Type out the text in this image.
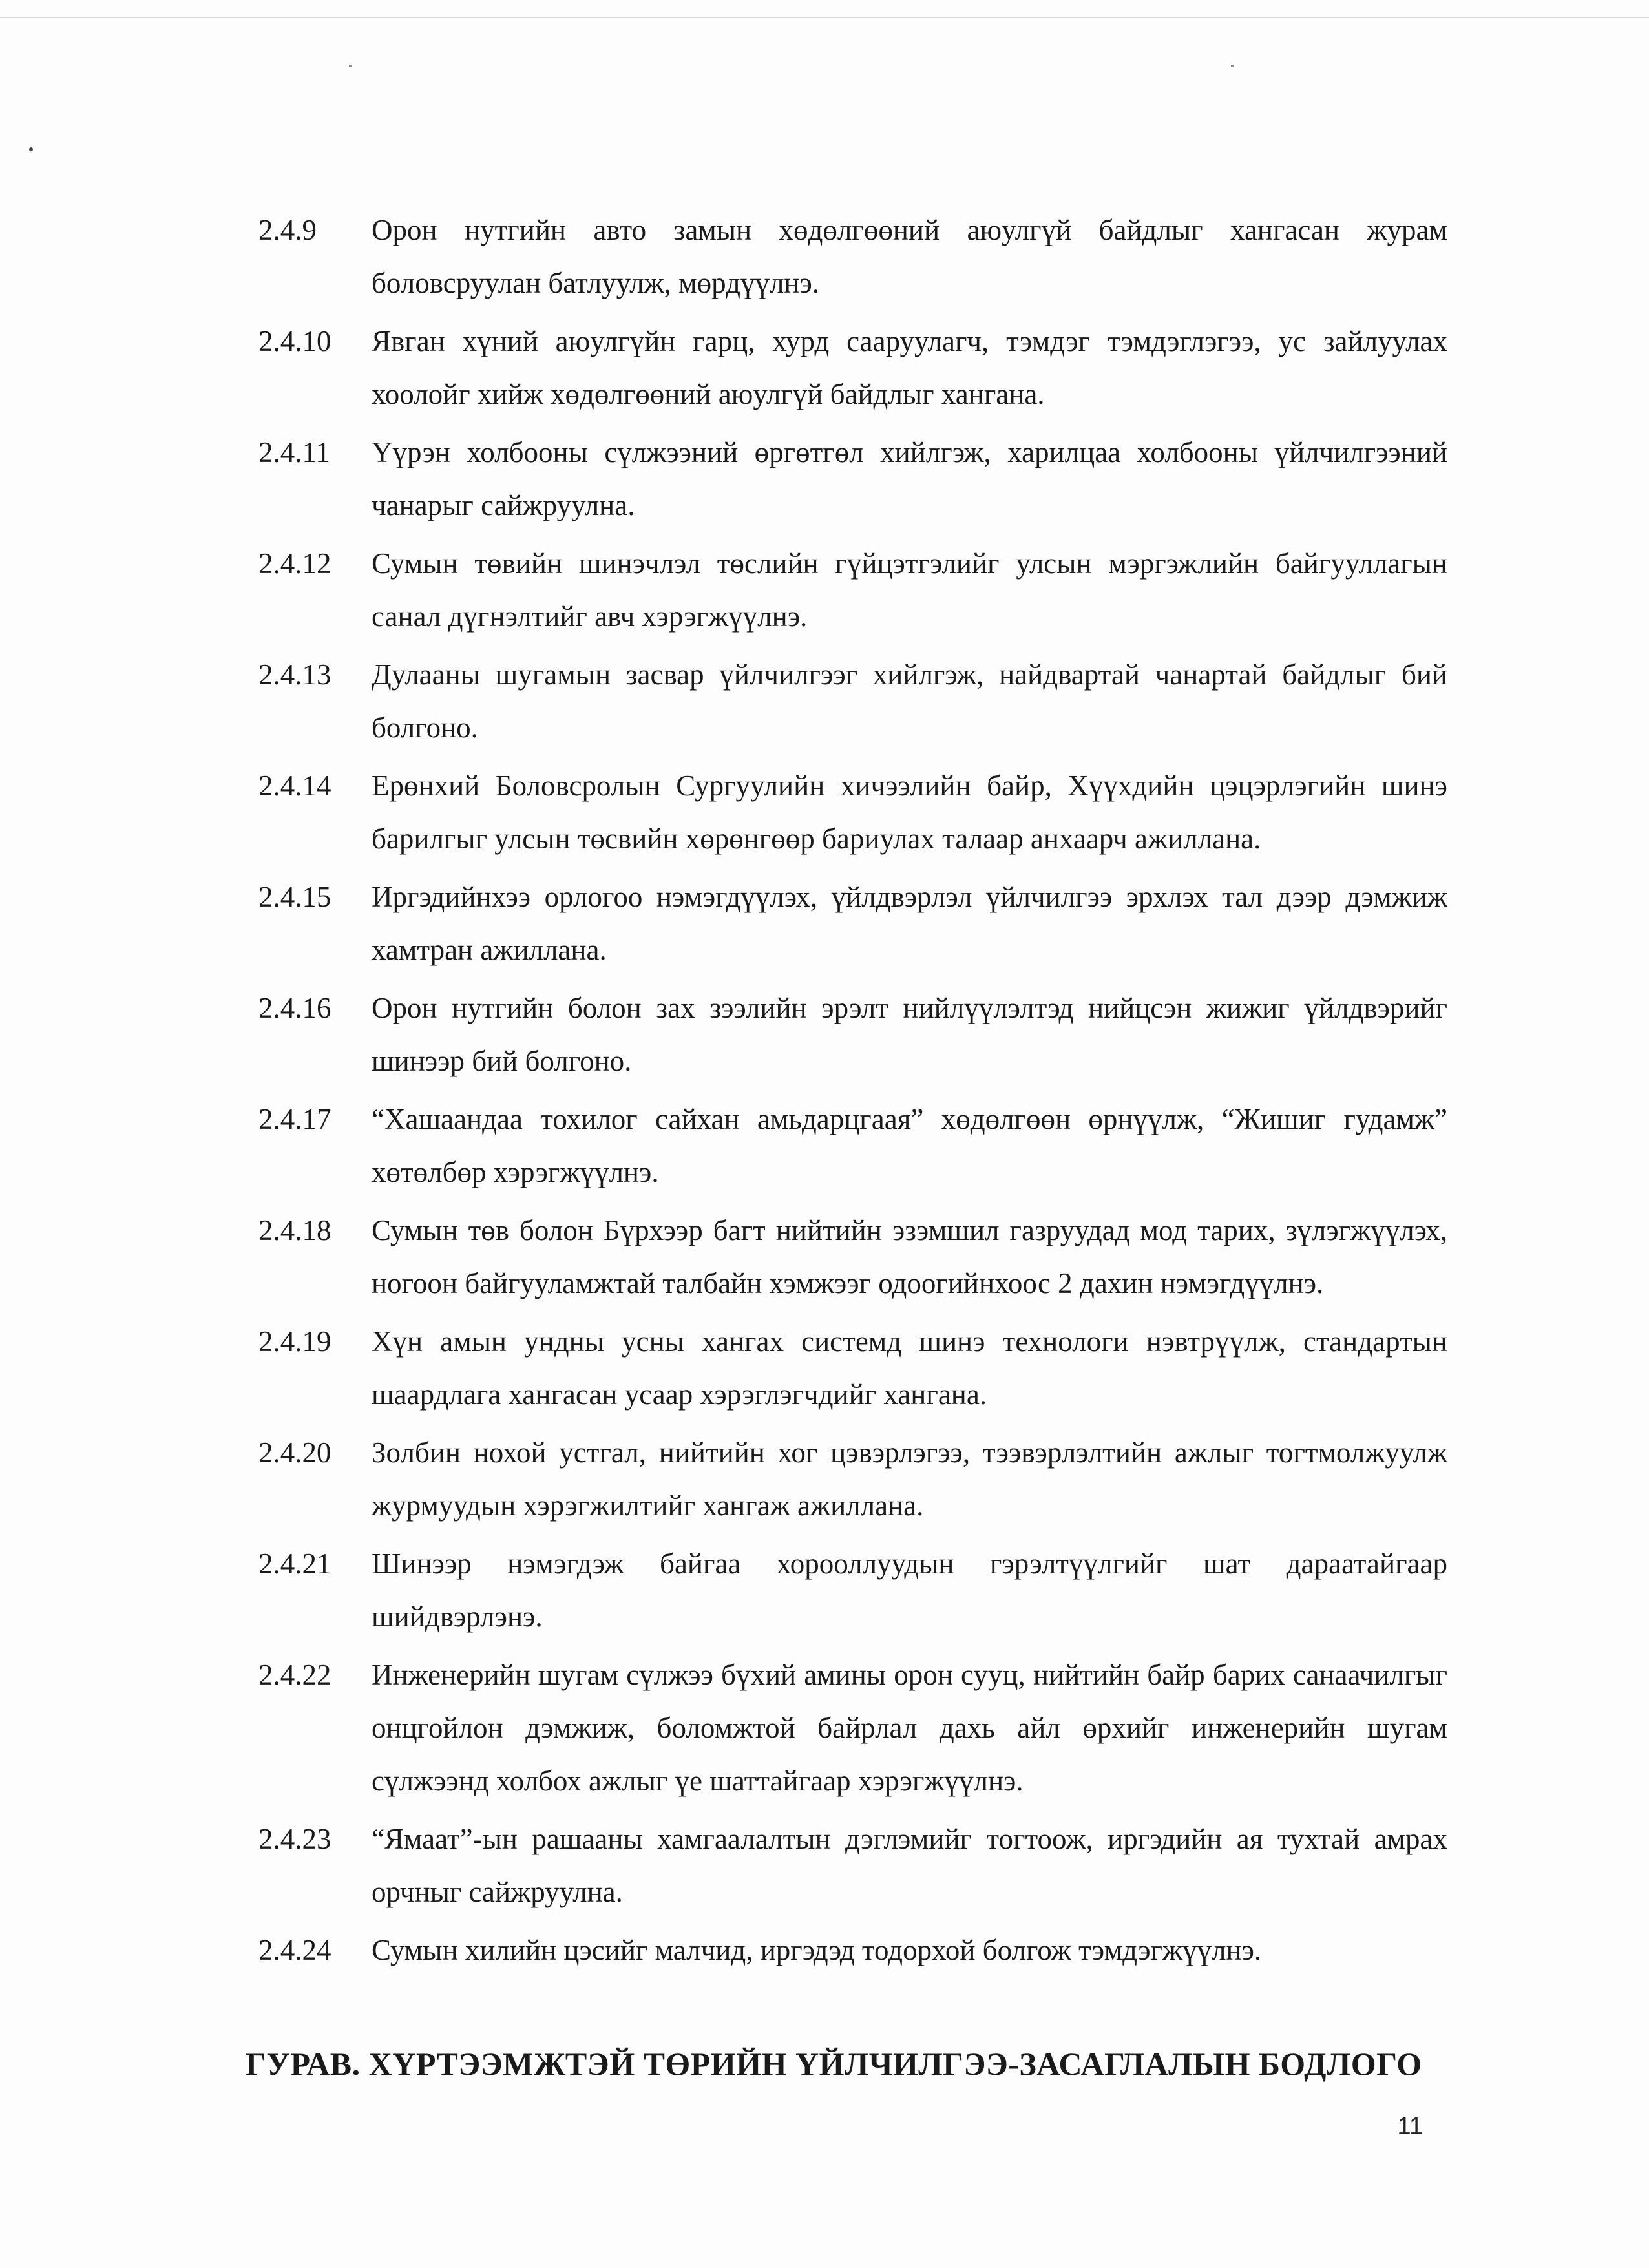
2.4.9	Орон нутгийн авто замын хөдөлгөөний аюулгүй байдлыг хангасан журам боловсруулан батлуулж, мөрдүүлнэ.
2.4.10	Явган хүний аюулгүйн гарц, хурд сааруулагч, тэмдэг тэмдэглэгээ, ус зайлуулах хоолойг хийж хөдөлгөөний аюулгүй байдлыг хангана.
2.4.11	Үүрэн холбооны сүлжээний өргөтгөл хийлгэж, харилцаа холбооны үйлчилгээний чанарыг сайжруулна.
2.4.12	Сумын төвийн шинэчлэл төслийн гүйцэтгэлийг улсын мэргэжлийн байгууллагын санал дүгнэлтийг авч хэрэгжүүлнэ.
2.4.13	Дулааны шугамын засвар үйлчилгээг хийлгэж, найдвартай чанартай байдлыг бий болгоно.
2.4.14	Ерөнхий Боловсролын Сургуулийн хичээлийн байр, Хүүхдийн цэцэрлэгийн шинэ барилгыг улсын төсвийн хөрөнгөөр бариулах талаар анхаарч ажиллана.
2.4.15	Иргэдийнхээ орлогоо нэмэгдүүлэх, үйлдвэрлэл үйлчилгээ эрхлэх тал дээр дэмжиж хамтран ажиллана.
2.4.16	Орон нутгийн болон зах зээлийн эрэлт нийлүүлэлтэд нийцсэн жижиг үйлдвэрийг шинээр бий болгоно.
2.4.17	“Хашаандаа тохилог сайхан амьдарцгаая” хөдөлгөөн өрнүүлж, “Жишиг гудамж” хөтөлбөр хэрэгжүүлнэ.
2.4.18	Сумын төв болон Бүрхээр багт нийтийн эзэмшил газруудад мод тарих, зүлэгжүүлэх, ногоон байгууламжтай талбайн хэмжээг одоогийнхоос 2 дахин нэмэгдүүлнэ.
2.4.19	Хүн амын ундны усны хангах системд шинэ технологи нэвтрүүлж, стандартын шаардлага хангасан усаар хэрэглэгчдийг хангана.
2.4.20	Золбин нохой устгал, нийтийн хог цэвэрлэгээ, тээвэрлэлтийн ажлыг тогтмолжуулж журмуудын хэрэгжилтийг хангаж ажиллана.
2.4.21	Шинээр нэмэгдэж байгаа хорооллуудын гэрэлтүүлгийг шат дараатайгаар шийдвэрлэнэ.
2.4.22	Инженерийн шугам сүлжээ бүхий амины орон сууц, нийтийн байр барих санаачилгыг онцгойлон дэмжиж, боломжтой байрлал дахь айл өрхийг инженерийн шугам сүлжээнд холбох ажлыг үе шаттайгаар хэрэгжүүлнэ.
2.4.23	“Ямаат”-ын рашааны хамгаалалтын дэглэмийг тогтоож, иргэдийн ая тухтай амрах орчныг сайжруулна.
2.4.24	Сумын хилийн цэсийг малчид, иргэдэд тодорхой болгож тэмдэгжүүлнэ.
ГУРАВ. ХҮРТЭЭМЖТЭЙ ТӨРИЙН ҮЙЛЧИЛГЭЭ-ЗАСАГЛАЛЫН БОДЛОГО
11
